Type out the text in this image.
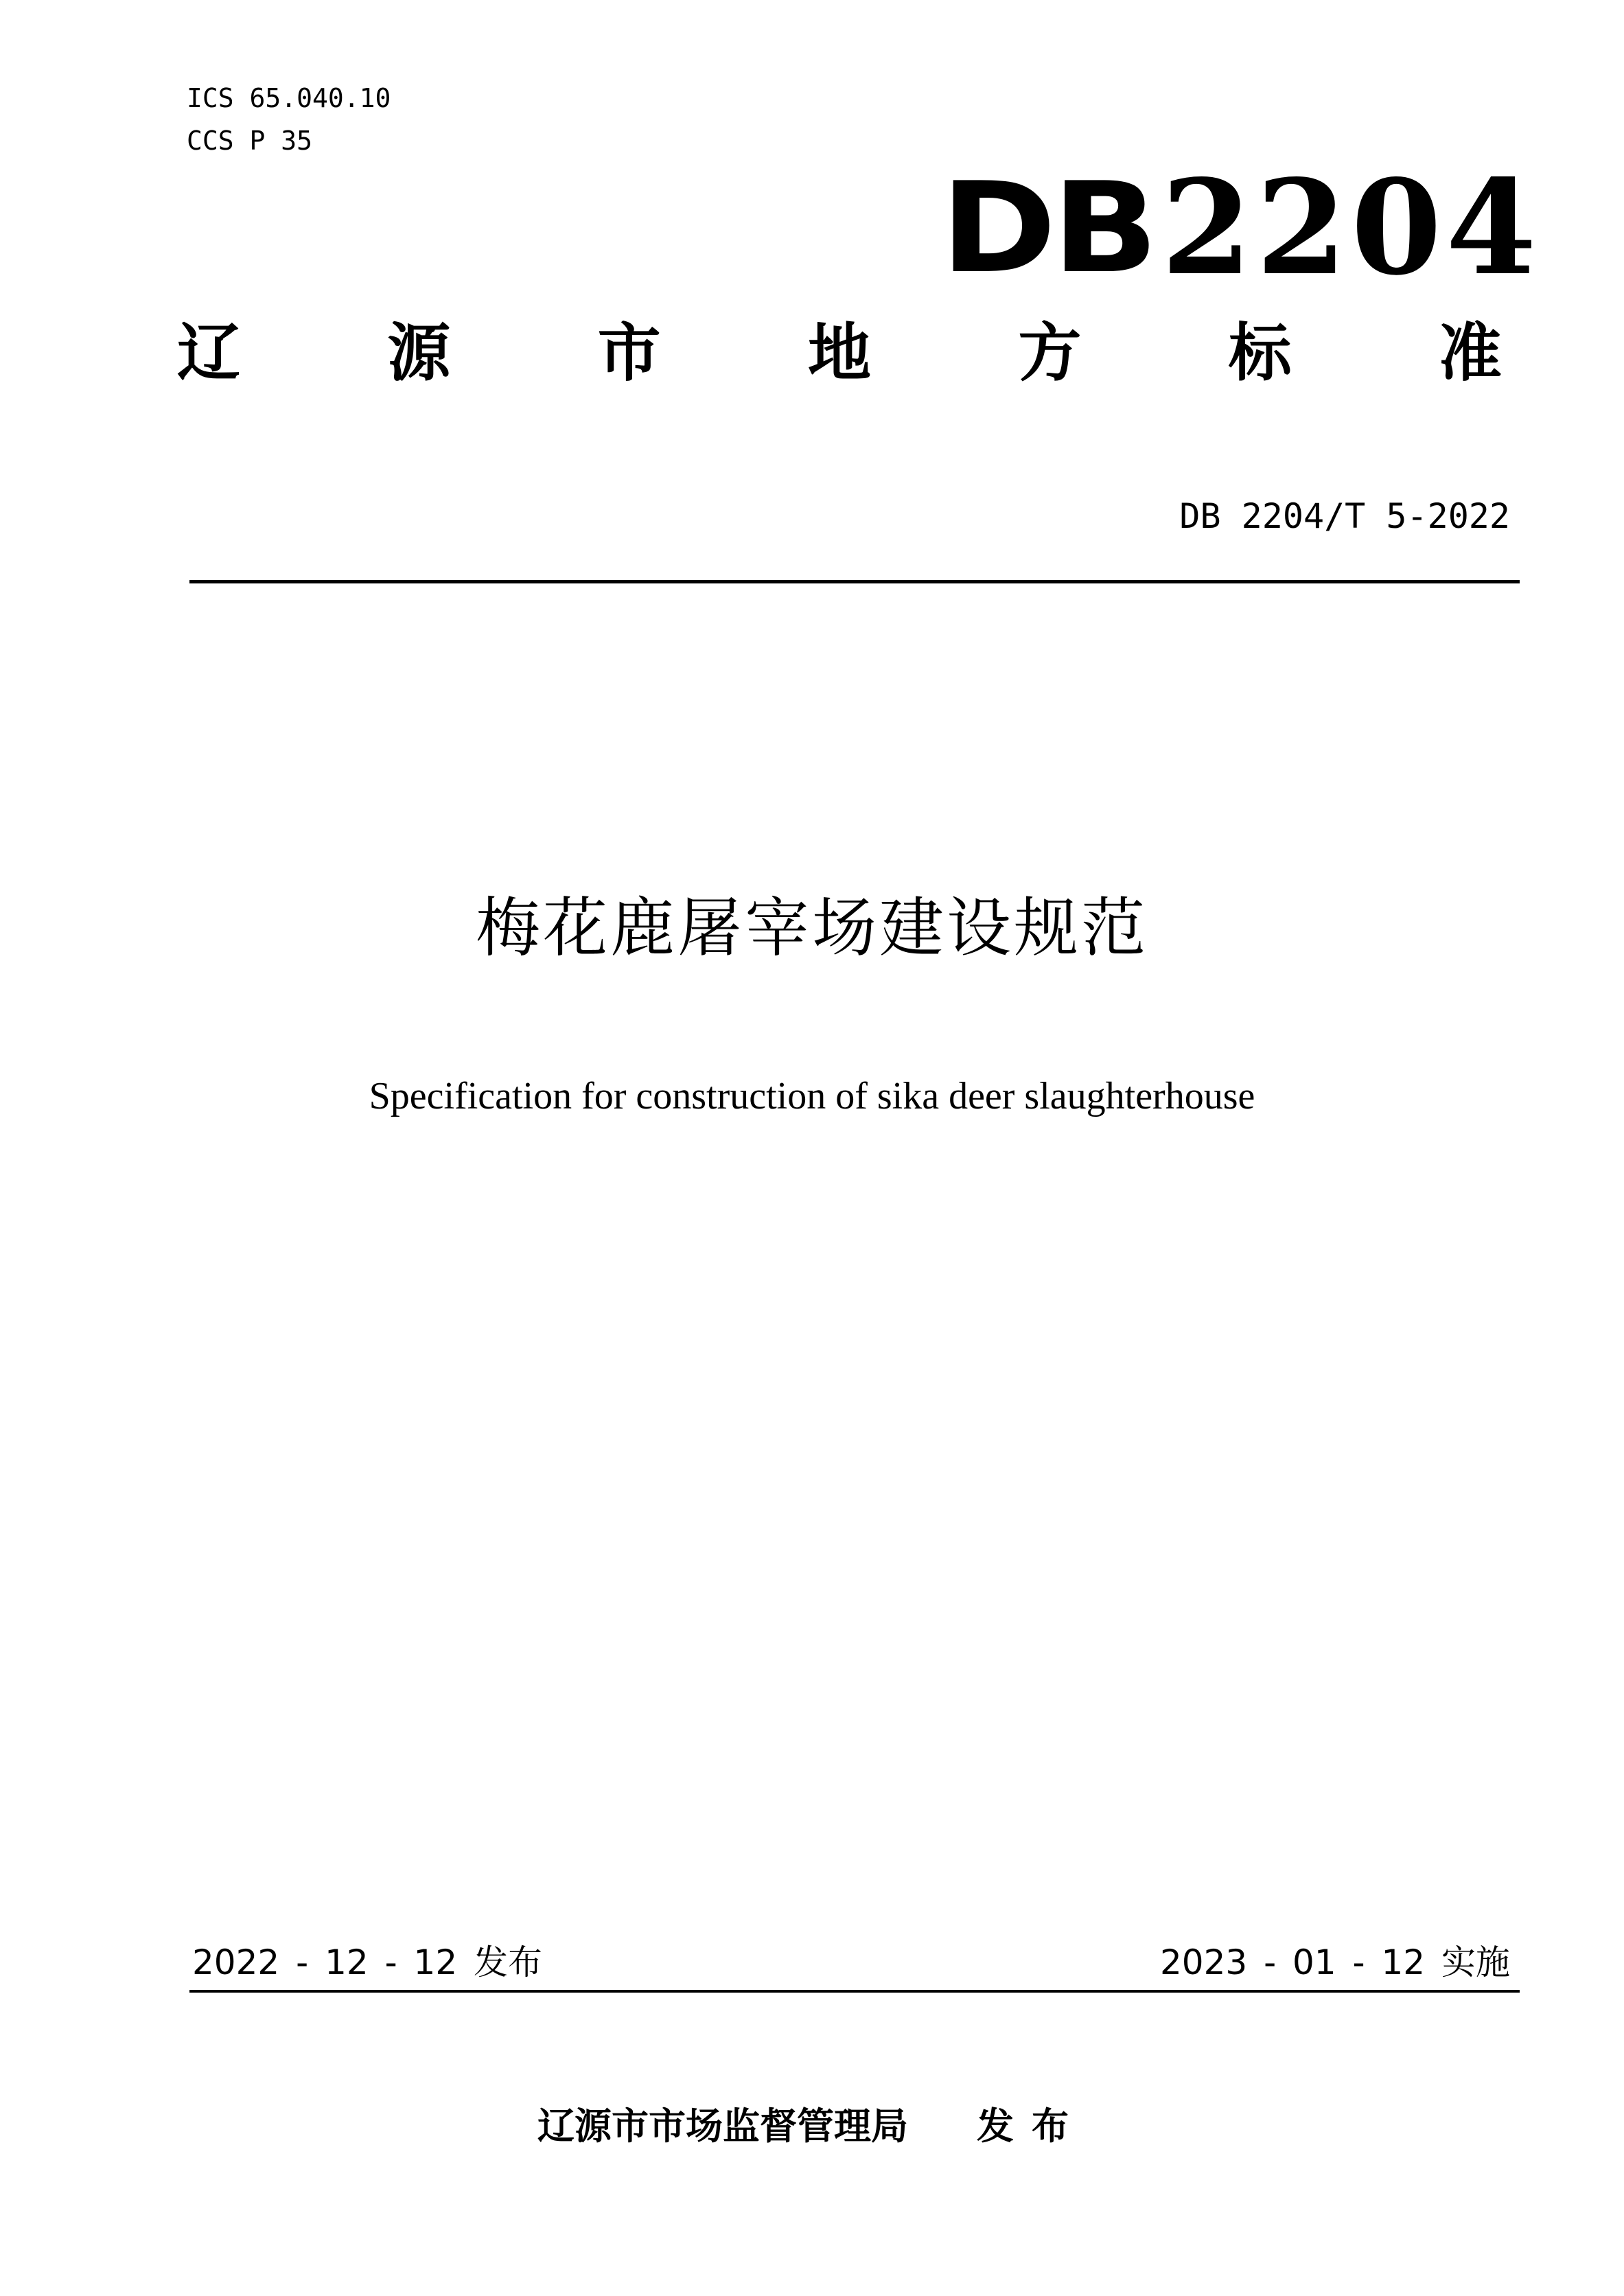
ICS 65.040.10
CCS P 35
DB 2204
辽 源 市 地 方 标 准
DB 2204/T 5-2022
梅花鹿屠宰场建设规范
Specification for construction of sika deer slaughterhouse
2022 - 12 - 12 发布	2023 - 01 - 12 实施
辽源市市场监督管理局 发布
